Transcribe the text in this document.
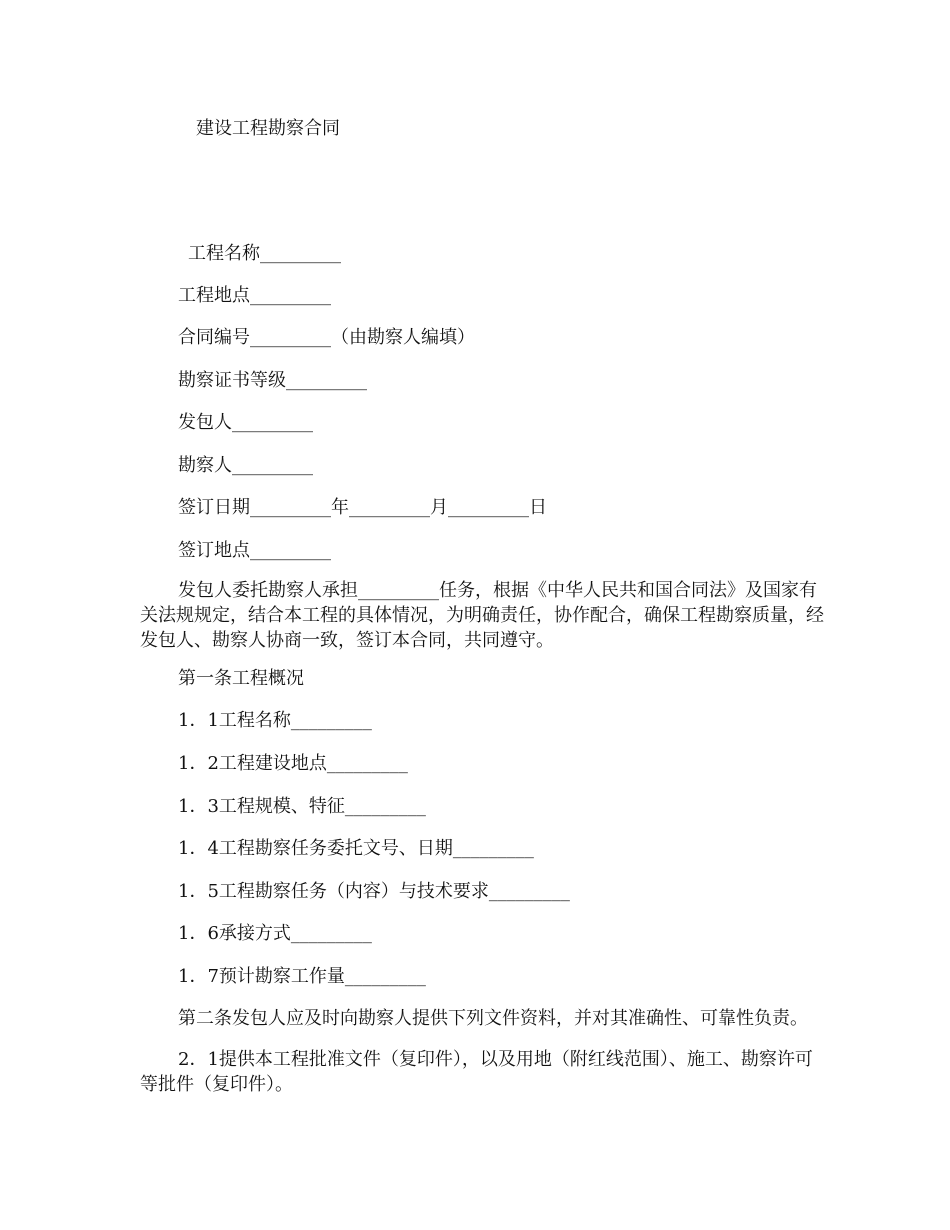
建设工程勘察合同
工程名称_________
工程地点_________
合同编号_________（由勘察人编填）
勘察证书等级_________
发包人_________
勘察人_________
签订日期_________年_________月_________日
签订地点_________
发包人委托勘察人承担_________任务，根据《中华人民共和国合同法》及国家有关法规规定，结合本工程的具体情况，为明确责任，协作配合，确保工程勘察质量，经发包人、勘察人协商一致，签订本合同，共同遵守。
第一条工程概况
1．1工程名称_________
1．2工程建设地点_________
1．3工程规模、特征_________
1．4工程勘察任务委托文号、日期_________
1．5工程勘察任务（内容）与技术要求_________
1．6承接方式_________
1．7预计勘察工作量_________
第二条发包人应及时向勘察人提供下列文件资料，并对其准确性、可靠性负责。
2．1提供本工程批准文件（复印件），以及用地（附红线范围）、施工、勘察许可等批件（复印件）。
